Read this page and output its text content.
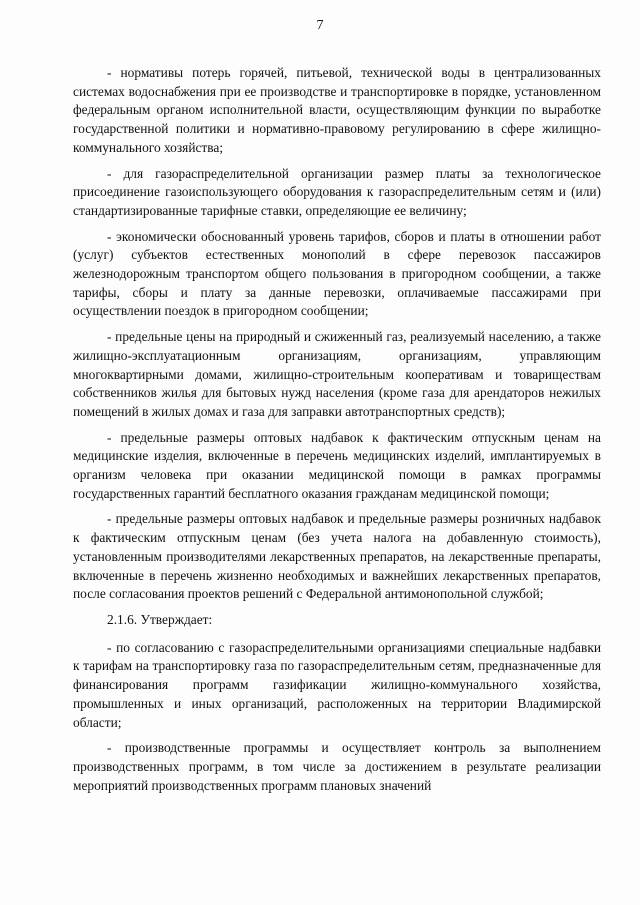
7

- нормативы потерь горячей, питьевой, технической воды в централизованных системах водоснабжения при ее производстве и транспортировке в порядке, установленном федеральным органом исполнительной власти, осуществляющим функции по выработке государственной политики и нормативно-правовому регулированию в сфере жилищно-коммунального хозяйства;

- для газораспределительной организации размер платы за технологическое присоединение газоиспользующего оборудования к газораспределительным сетям и (или) стандартизированные тарифные ставки, определяющие ее величину;

- экономически обоснованный уровень тарифов, сборов и платы в отношении работ (услуг) субъектов естественных монополий в сфере перевозок пассажиров железнодорожным транспортом общего пользования в пригородном сообщении, а также тарифы, сборы и плату за данные перевозки, оплачиваемые пассажирами при осуществлении поездок в пригородном сообщении;

- предельные цены на природный и сжиженный газ, реализуемый населению, а также жилищно-эксплуатационным организациям, организациям, управляющим многоквартирными домами, жилищно-строительным кооперативам и товариществам собственников жилья для бытовых нужд населения (кроме газа для арендаторов нежилых помещений в жилых домах и газа для заправки автотранспортных средств);

- предельные размеры оптовых надбавок к фактическим отпускным ценам на медицинские изделия, включенные в перечень медицинских изделий, имплантируемых в организм человека при оказании медицинской помощи в рамках программы государственных гарантий бесплатного оказания гражданам медицинской помощи;

- предельные размеры оптовых надбавок и предельные размеры розничных надбавок к фактическим отпускным ценам (без учета налога на добавленную стоимость), установленным производителями лекарственных препаратов, на лекарственные препараты, включенные в перечень жизненно необходимых и важнейших лекарственных препаратов, после согласования проектов решений с Федеральной антимонопольной службой;

2.1.6. Утверждает:

- по согласованию с газораспределительными организациями специальные надбавки к тарифам на транспортировку газа по газораспределительным сетям, предназначенные для финансирования программ газификации жилищно-коммунального хозяйства, промышленных и иных организаций, расположенных на территории Владимирской области;

- производственные программы и осуществляет контроль за выполнением производственных программ, в том числе за достижением в результате реализации мероприятий производственных программ плановых значений
